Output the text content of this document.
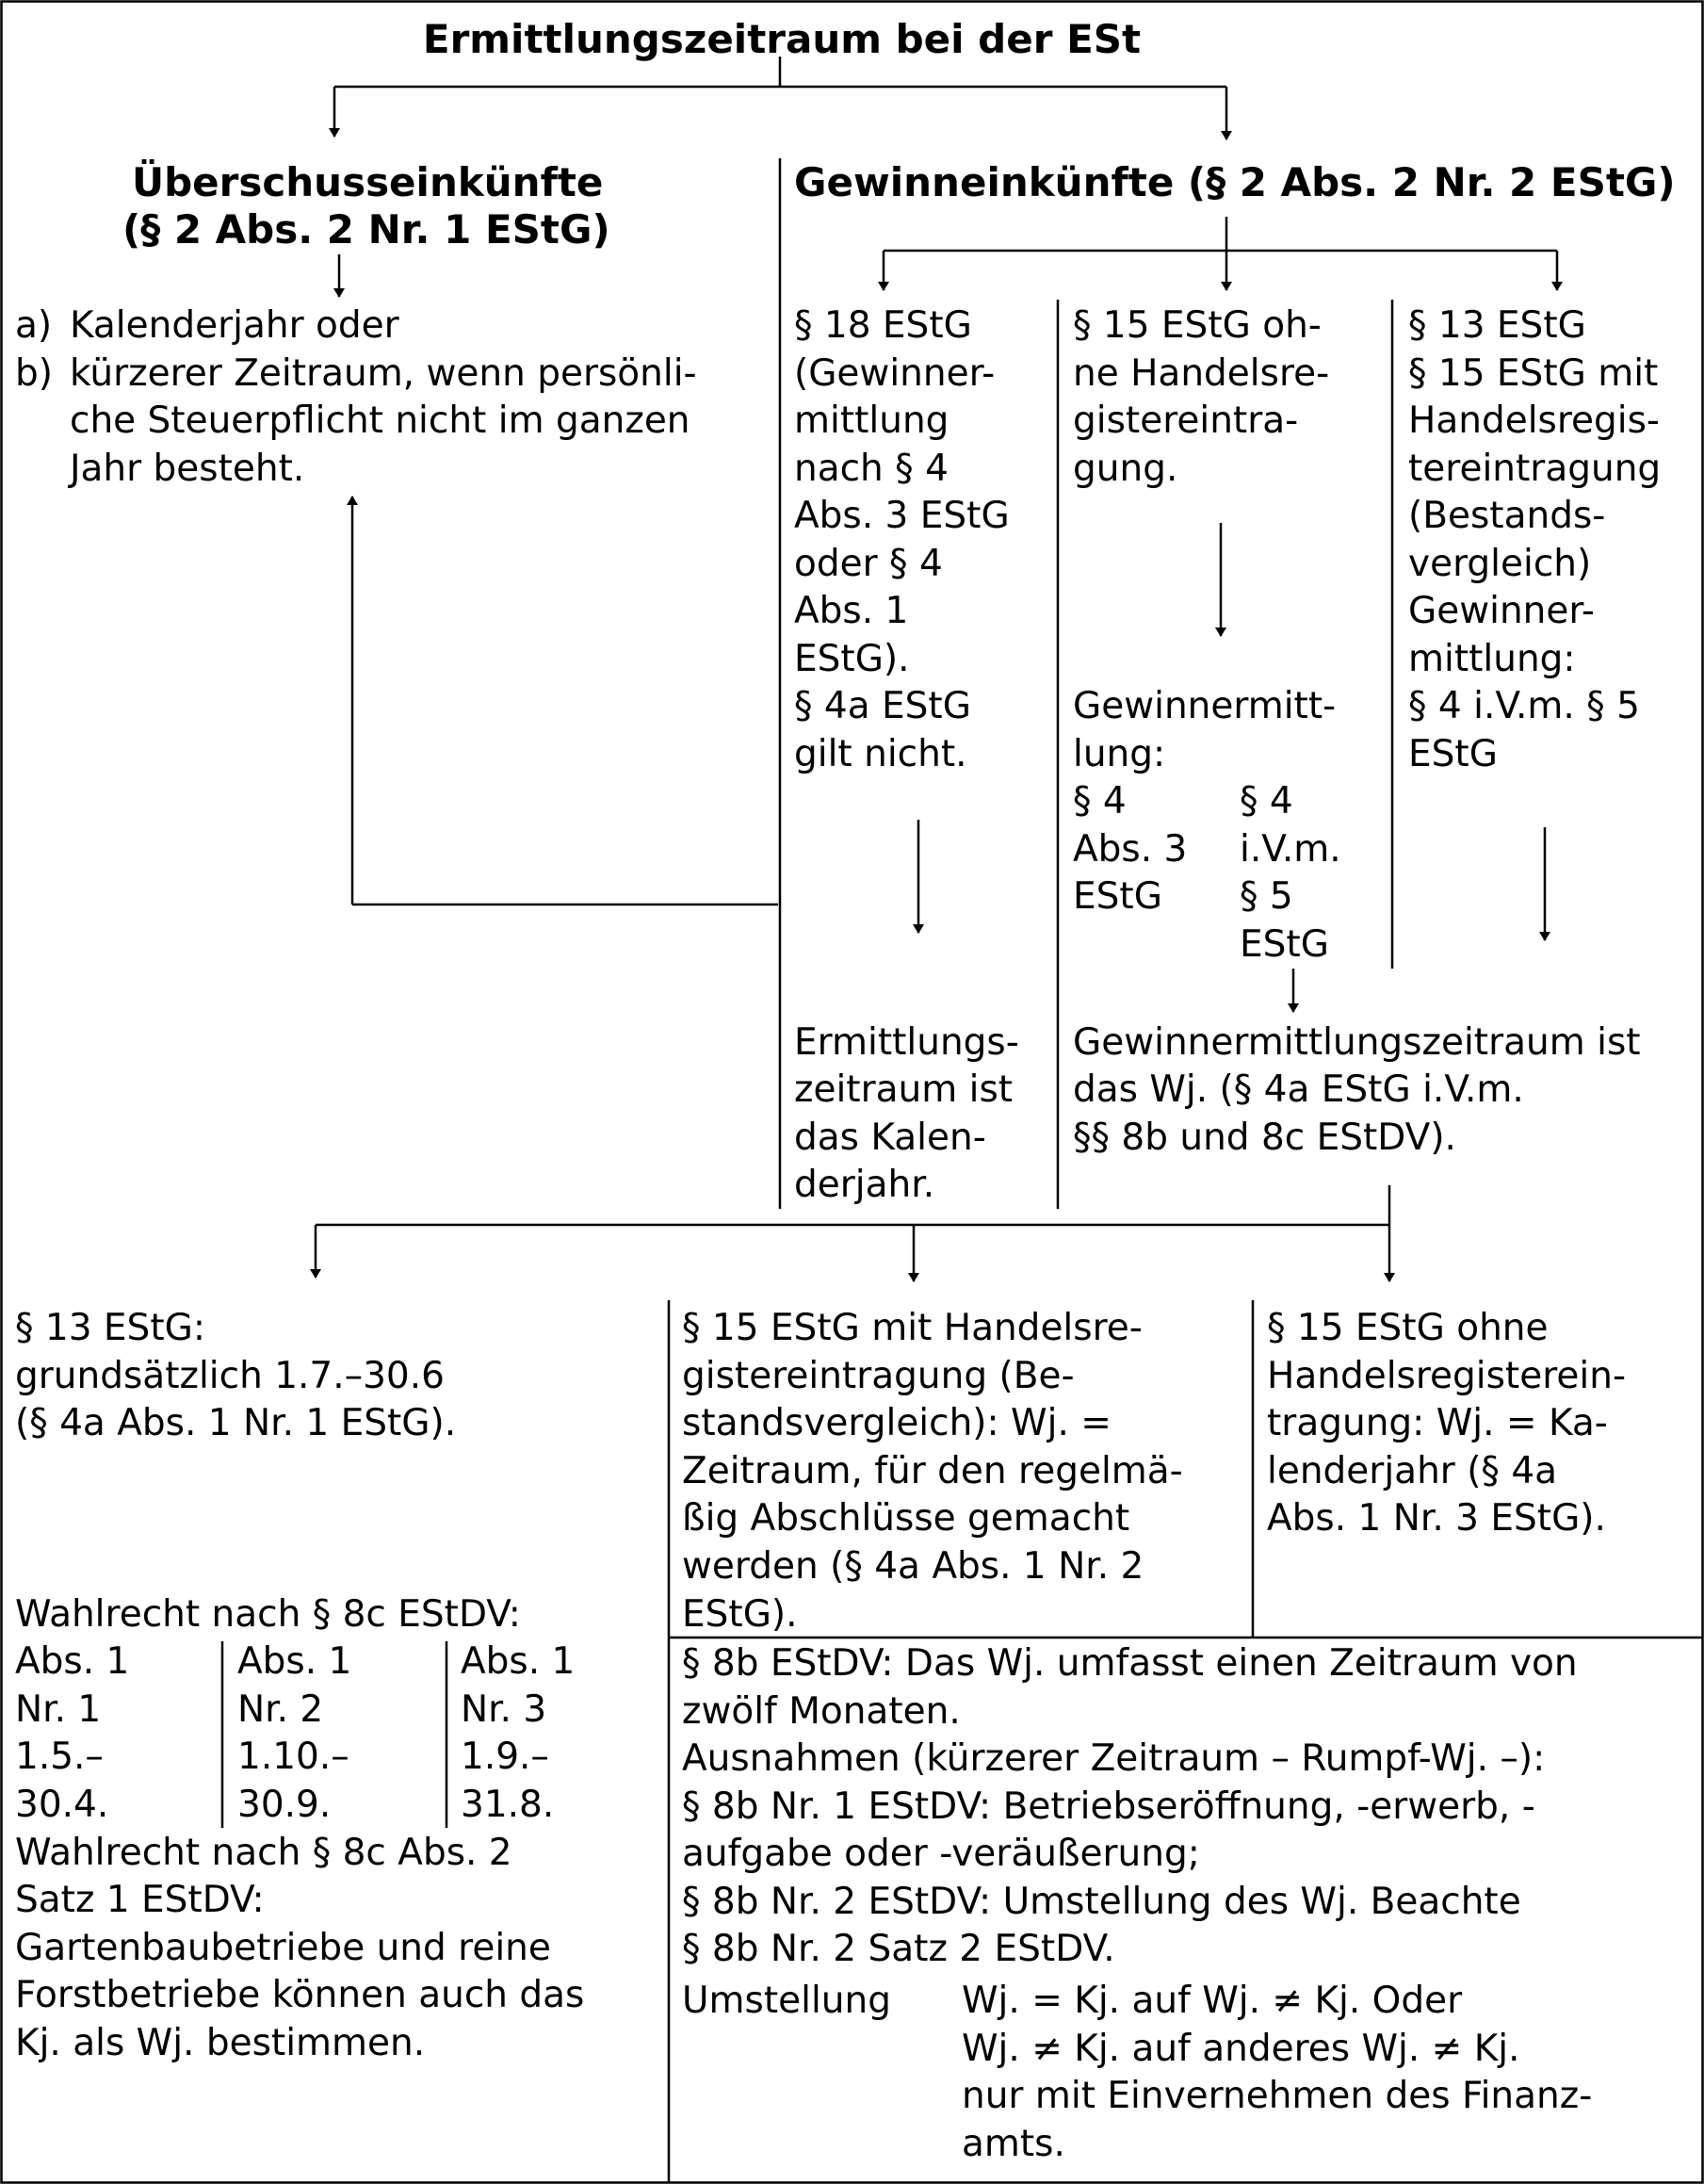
Ermittlungszeitraum bei der ESt
Überschusseinkünfte
(§ 2 Abs. 2 Nr. 1 EStG)
a) Kalenderjahr oder
b) kürzerer Zeitraum, wenn persönli-
che Steuerpflicht nicht im ganzen
Jahr besteht.
Gewinneinkünfte (§ 2 Abs. 2 Nr. 2 EStG)
§ 18 EStG
(Gewinner-
mittlung
nach § 4
Abs. 3 EStG
oder § 4
Abs. 1
EStG).
§ 4a EStG
gilt nicht.
Ermittlungs-
zeitraum ist
das Kalen-
derjahr.
§ 15 EStG oh-
ne Handelsre-
gistereintra-
gung.
Gewinnermitt-
lung:
§ 4
Abs. 3
EStG
§ 4
i.V.m.
§ 5
EStG
§ 13 EStG
§ 15 EStG mit
Handelsregis-
tereintragung
(Bestands-
vergleich)
Gewinner-
mittlung:
§ 4 i.V.m. § 5
EStG
Gewinnermittlungszeitraum ist
das Wj. (§ 4a EStG i.V.m.
§§ 8b und 8c EStDV).
§ 13 EStG:
grundsätzlich 1.7.–30.6
(§ 4a Abs. 1 Nr. 1 EStG).
Wahlrecht nach § 8c EStDV:
Abs. 1
Nr. 1
1.5.–
30.4.
Abs. 1
Nr. 2
1.10.–
30.9.
Abs. 1
Nr. 3
1.9.–
31.8.
Wahlrecht nach § 8c Abs. 2
Satz 1 EStDV:
Gartenbaubetriebe und reine
Forstbetriebe können auch das
Kj. als Wj. bestimmen.
§ 15 EStG mit Handelsre-
gistereintragung (Be-
standsvergleich): Wj. =
Zeitraum, für den regelmä-
ßig Abschlüsse gemacht
werden (§ 4a Abs. 1 Nr. 2
EStG).
§ 15 EStG ohne
Handelsregisterein-
tragung: Wj. = Ka-
lenderjahr (§ 4a
Abs. 1 Nr. 3 EStG).
§ 8b EStDV: Das Wj. umfasst einen Zeitraum von
zwölf Monaten.
Ausnahmen (kürzerer Zeitraum – Rumpf-Wj. –):
§ 8b Nr. 1 EStDV: Betriebseröffnung, -erwerb, -
aufgabe oder -veräußerung;
§ 8b Nr. 2 EStDV: Umstellung des Wj. Beachte
§ 8b Nr. 2 Satz 2 EStDV.
Umstellung Wj. = Kj. auf Wj. ≠ Kj. Oder
Wj. ≠ Kj. auf anderes Wj. ≠ Kj.
nur mit Einvernehmen des Finanz-
amts.
